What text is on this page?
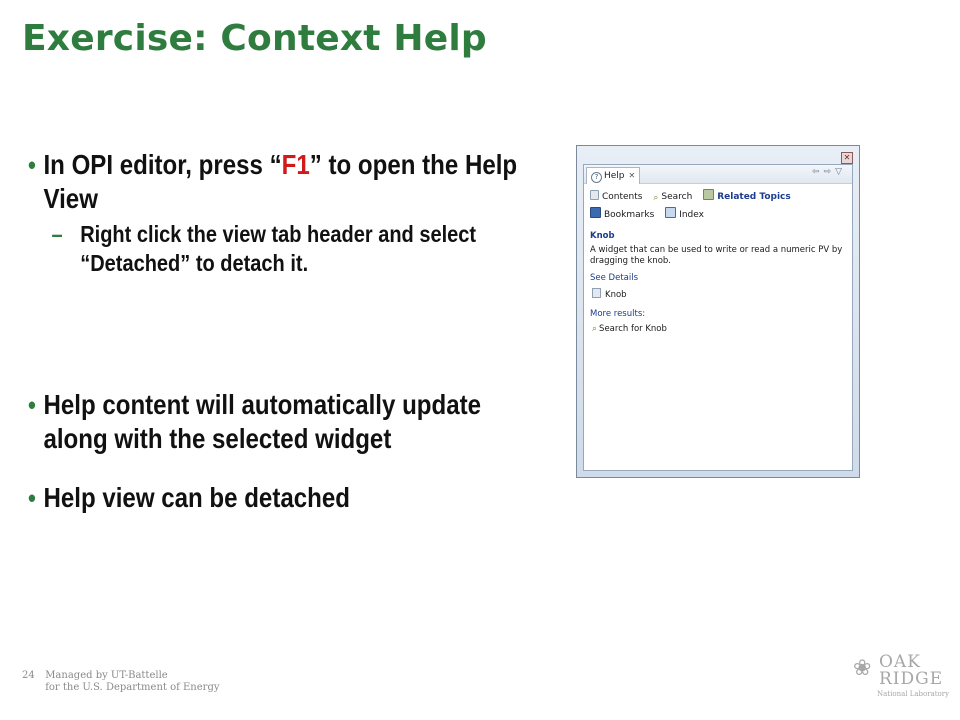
Exercise: Context Help
• In OPI editor, press “F1” to open the Help View
– Right click the view tab header and select “Detached” to detach it.
• Help content will automatically update along with the selected widget
• Help view can be detached
✕
? Help ✕	⇦⇨▽
Contents ⌕ Search	Related Topics
Bookmarks	Index
Knob
A widget that can be used to write or read a numeric PV by dragging the knob.
See Details
Knob
More results:
⌕ Search for Knob
24 Managed by UT-Battelle
for the U.S. Department of Energy
❀ OAK
RIDGE
National Laboratory
